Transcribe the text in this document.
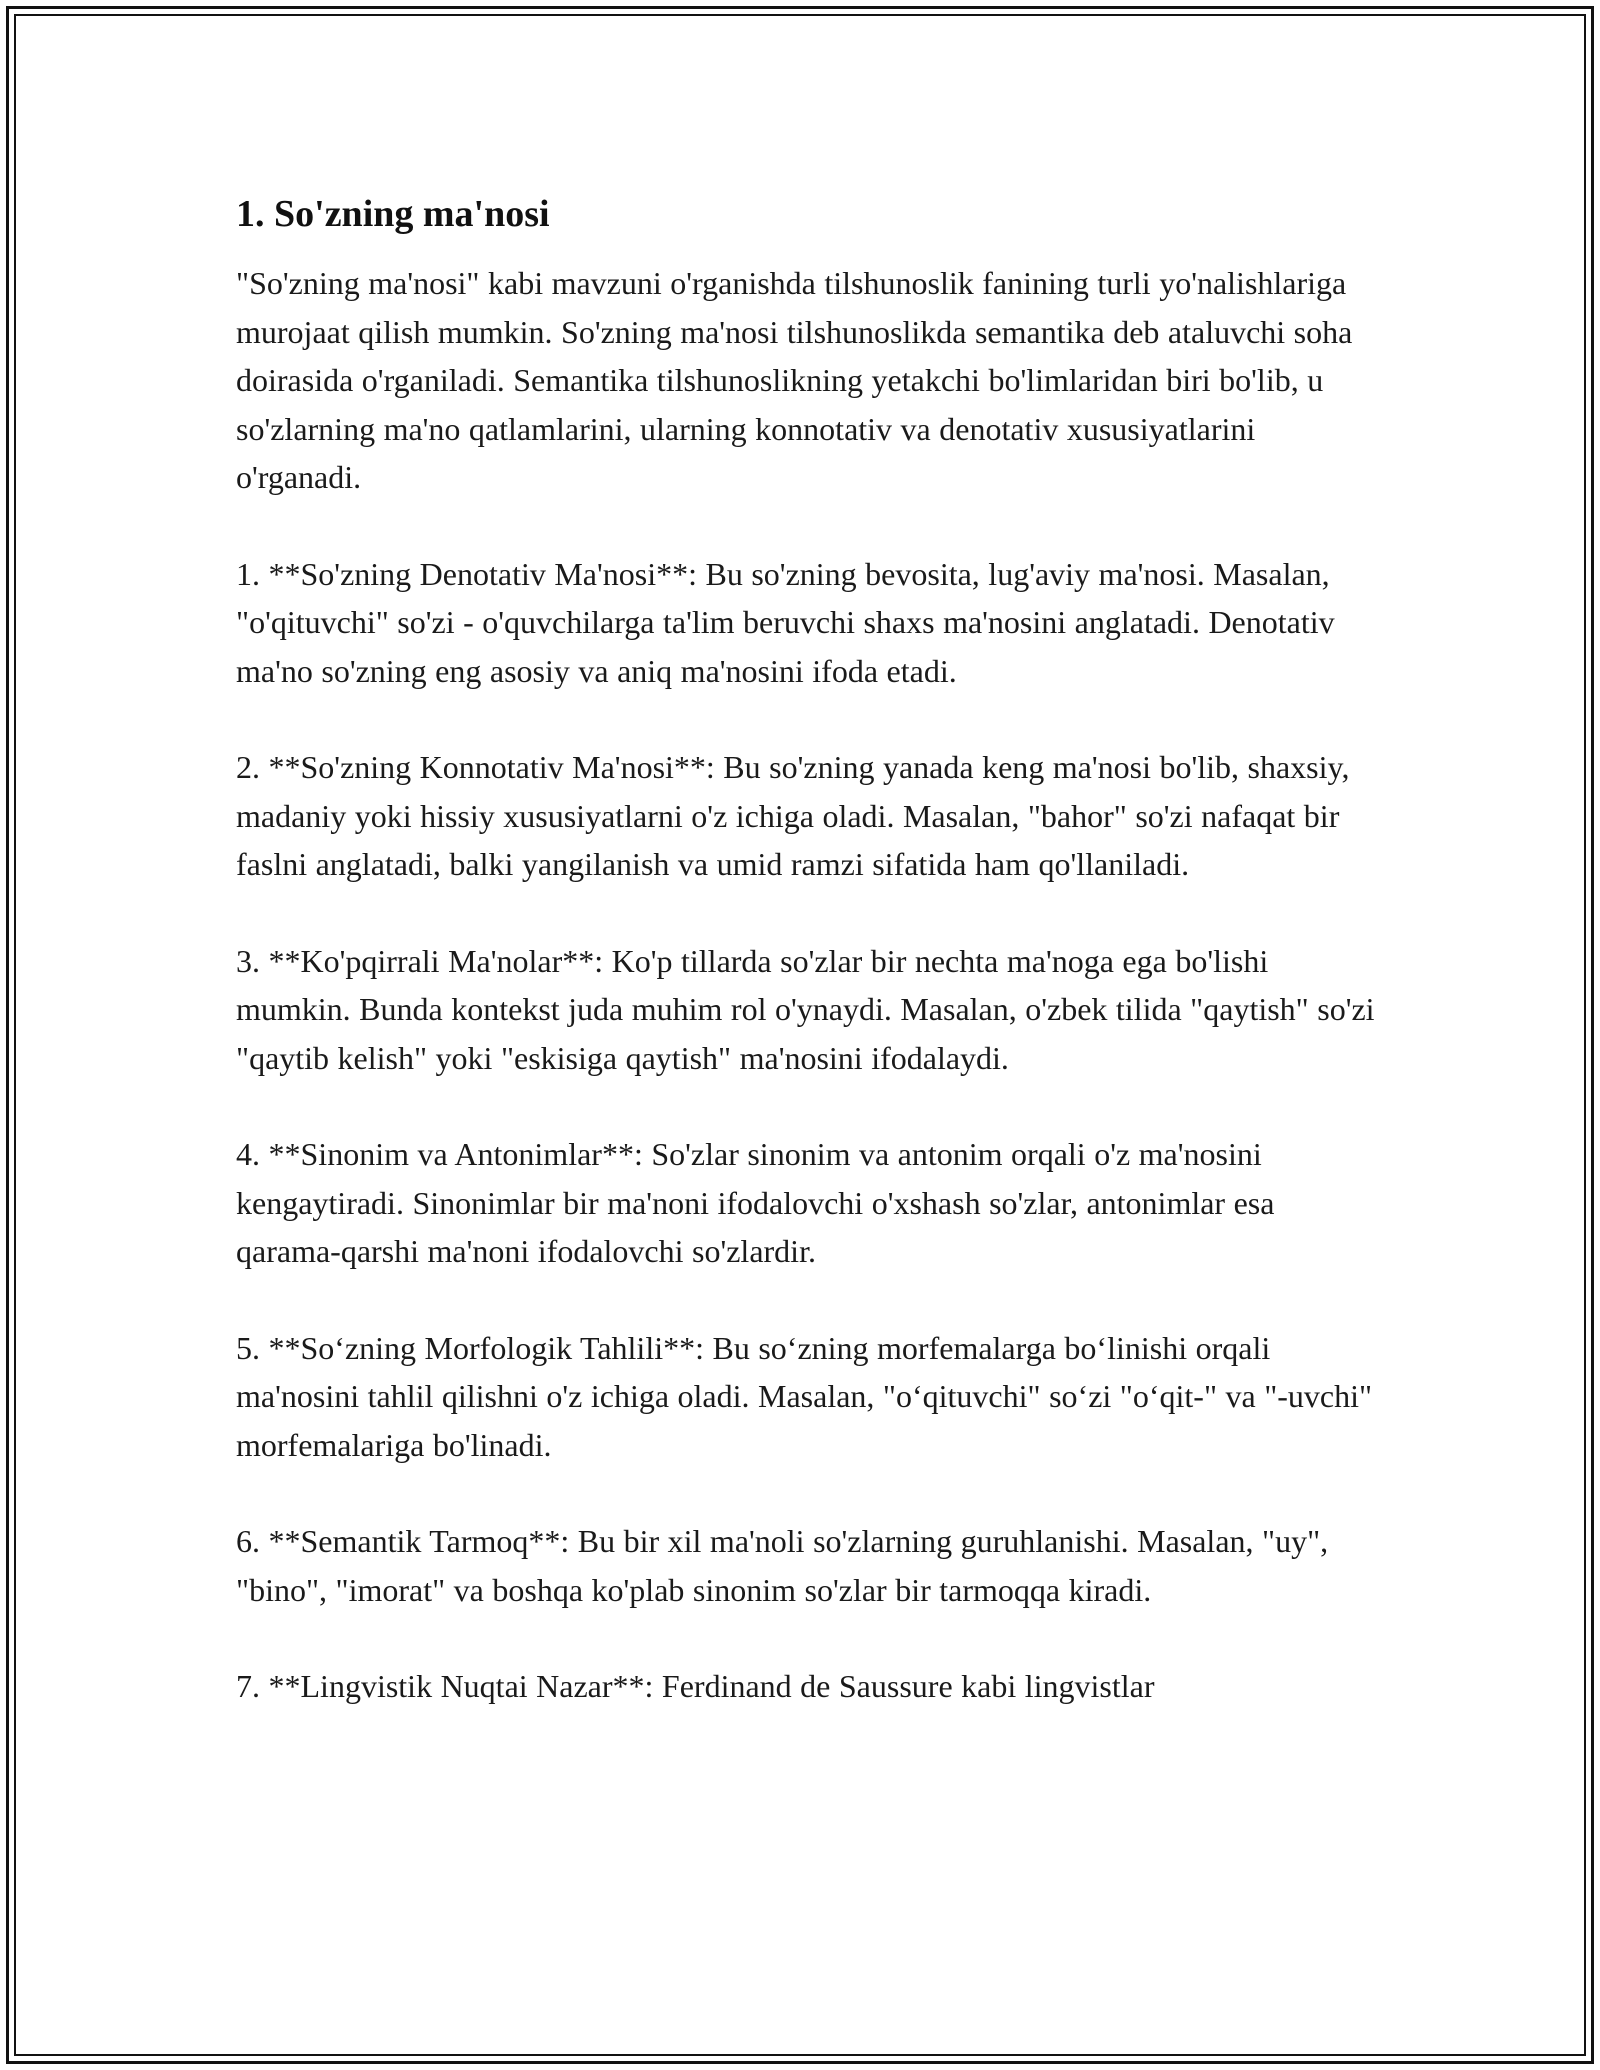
1. So'zning ma'nosi

"So'zning ma'nosi" kabi mavzuni o'rganishda tilshunoslik fanining turli yo'nalishlariga murojaat qilish mumkin. So'zning ma'nosi tilshunoslikda semantika deb ataluvchi soha doirasida o'rganiladi. Semantika tilshunoslikning yetakchi bo'limlaridan biri bo'lib, u so'zlarning ma'no qatlamlarini, ularning konnotativ va denotativ xususiyatlarini o'rganadi.

1. **So'zning Denotativ Ma'nosi**: Bu so'zning bevosita, lug'aviy ma'nosi. Masalan, "o'qituvchi" so'zi - o'quvchilarga ta'lim beruvchi shaxs ma'nosini anglatadi. Denotativ ma'no so'zning eng asosiy va aniq ma'nosini ifoda etadi.

2. **So'zning Konnotativ Ma'nosi**: Bu so'zning yanada keng ma'nosi bo'lib, shaxsiy, madaniy yoki hissiy xususiyatlarni o'z ichiga oladi. Masalan, "bahor" so'zi nafaqat bir faslni anglatadi, balki yangilanish va umid ramzi sifatida ham qo'llaniladi.

3. **Ko'pqirrali Ma'nolar**: Ko'p tillarda so'zlar bir nechta ma'noga ega bo'lishi mumkin. Bunda kontekst juda muhim rol o'ynaydi. Masalan, o'zbek tilida "qaytish" so'zi "qaytib kelish" yoki "eskisiga qaytish" ma'nosini ifodalaydi.

4. **Sinonim va Antonimlar**: So'zlar sinonim va antonim orqali o'z ma'nosini kengaytiradi. Sinonimlar bir ma'noni ifodalovchi o'xshash so'zlar, antonimlar esa qarama-qarshi ma'noni ifodalovchi so'zlardir.

5. **So‘zning Morfologik Tahlili**: Bu so‘zning morfemalarga bo‘linishi orqali ma'nosini tahlil qilishni o'z ichiga oladi. Masalan, "o‘qituvchi" so‘zi "o‘qit-" va "-uvchi" morfemalariga bo'linadi.

6. **Semantik Tarmoq**: Bu bir xil ma'noli so'zlarning guruhlanishi. Masalan, "uy", "bino", "imorat" va boshqa ko'plab sinonim so'zlar bir tarmoqqa kiradi.

7. **Lingvistik Nuqtai Nazar**: Ferdinand de Saussure kabi lingvistlar
